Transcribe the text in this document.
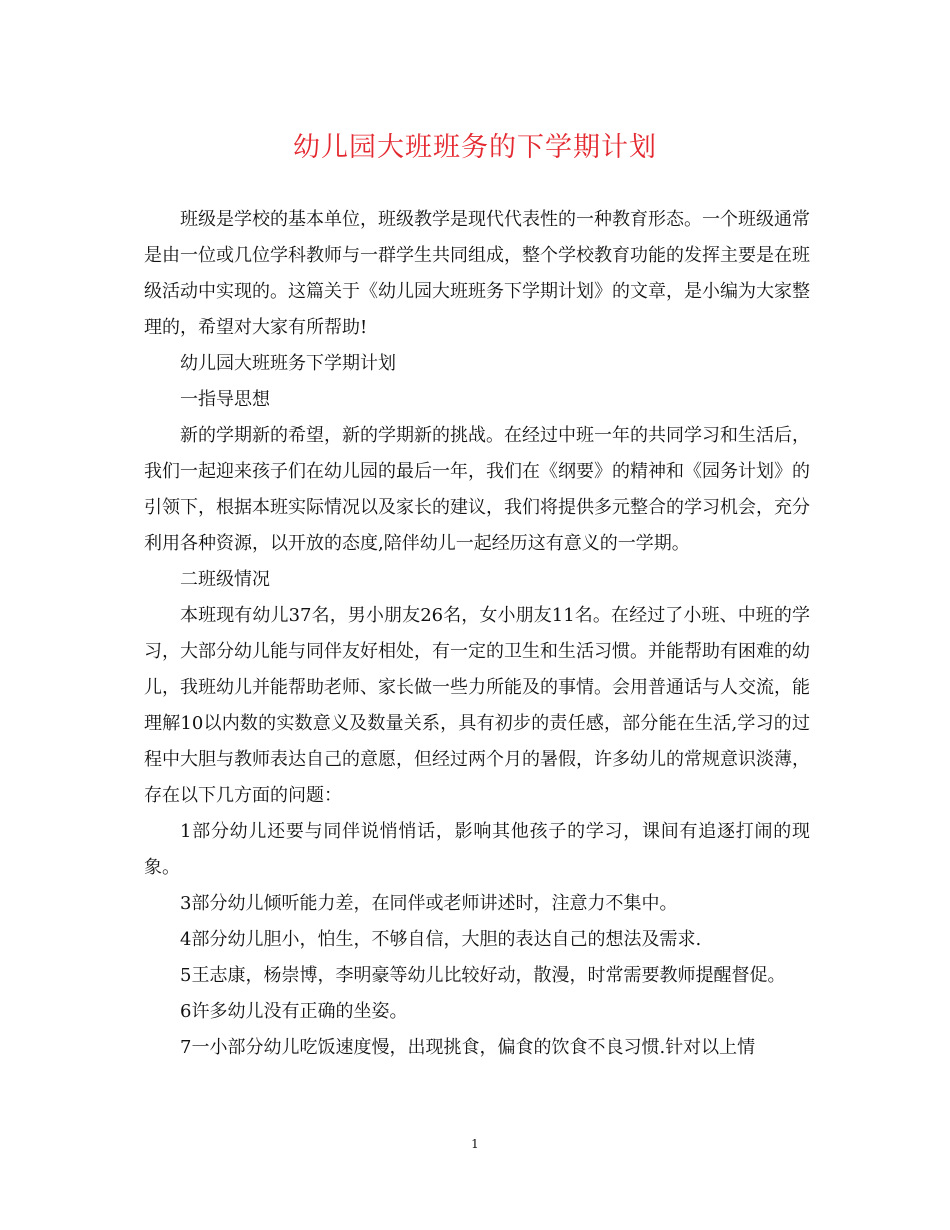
幼儿园大班班务的下学期计划

班级是学校的基本单位，班级教学是现代代表性的一种教育形态。一个班级通常是由一位或几位学科教师与一群学生共同组成，整个学校教育功能的发挥主要是在班级活动中实现的。这篇关于《幼儿园大班班务下学期计划》的文章，是小编为大家整理的，希望对大家有所帮助!

幼儿园大班班务下学期计划

一指导思想

新的学期新的希望，新的学期新的挑战。在经过中班一年的共同学习和生活后，我们一起迎来孩子们在幼儿园的最后一年，我们在《纲要》的精神和《园务计划》的引领下，根据本班实际情况以及家长的建议，我们将提供多元整合的学习机会，充分利用各种资源，以开放的态度,陪伴幼儿一起经历这有意义的一学期。

二班级情况

本班现有幼儿37名，男小朋友26名，女小朋友11名。在经过了小班、中班的学习，大部分幼儿能与同伴友好相处，有一定的卫生和生活习惯。并能帮助有困难的幼儿，我班幼儿并能帮助老师、家长做一些力所能及的事情。会用普通话与人交流，能理解10以内数的实数意义及数量关系，具有初步的责任感，部分能在生活,学习的过程中大胆与教师表达自己的意愿，但经过两个月的暑假，许多幼儿的常规意识淡薄，存在以下几方面的问题：

1部分幼儿还要与同伴说悄悄话，影响其他孩子的学习，课间有追逐打闹的现象。

3部分幼儿倾听能力差，在同伴或老师讲述时，注意力不集中。

4部分幼儿胆小，怕生，不够自信，大胆的表达自己的想法及需求.

5王志康，杨崇博，李明豪等幼儿比较好动，散漫，时常需要教师提醒督促。

6许多幼儿没有正确的坐姿。

7一小部分幼儿吃饭速度慢，出现挑食，偏食的饮食不良习惯.针对以上情

1
